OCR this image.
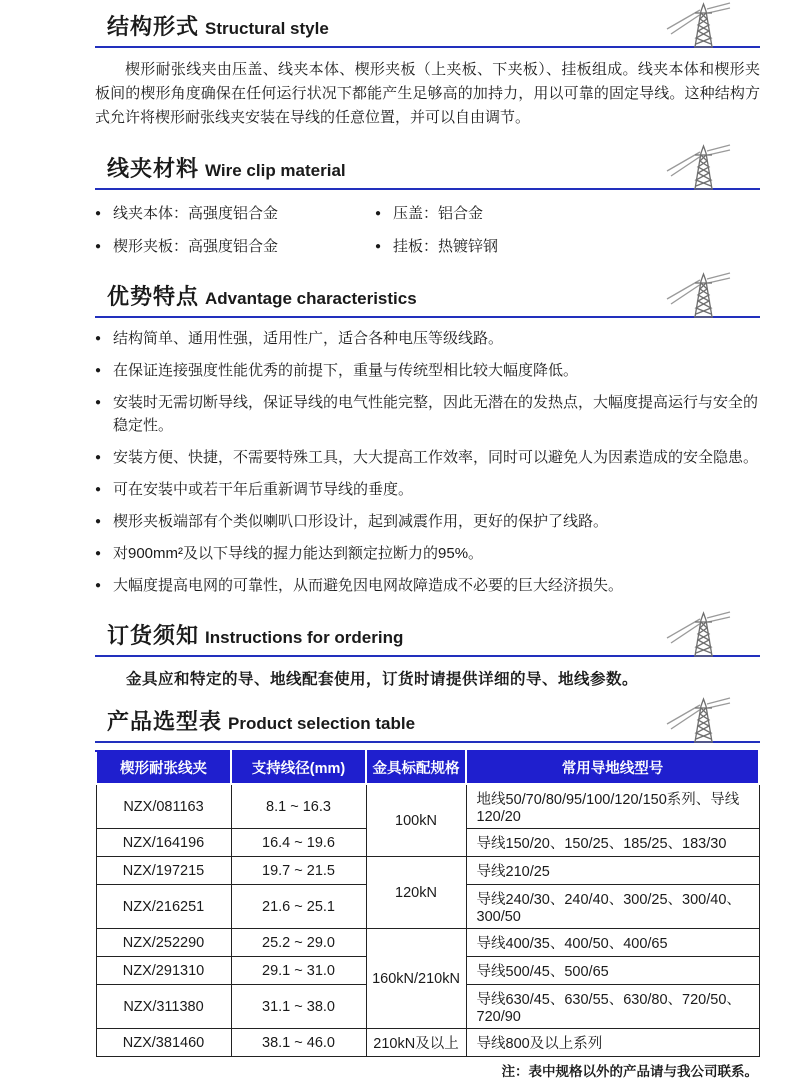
结构形式 Structural style

楔形耐张线夹由压盖、线夹本体、楔形夹板（上夹板、下夹板）、挂板组成。线夹本体和楔形夹板间的楔形角度确保在任何运行状况下都能产生足够高的加持力，用以可靠的固定导线。这种结构方式允许将楔形耐张线夹安装在导线的任意位置，并可以自由调节。

线夹材料 Wire clip material
● 线夹本体：高强度铝合金
● 楔形夹板：高强度铝合金
● 压盖：铝合金
● 挂板：热镀锌钢
优势特点 Advantage characteristics
● 结构简单、通用性强，适用性广，适合各种电压等级线路。
● 在保证连接强度性能优秀的前提下，重量与传统型相比较大幅度降低。
● 安装时无需切断导线，保证导线的电气性能完整，因此无潜在的发热点，大幅度提高运行与安全的稳定性。
● 安装方便、快捷，不需要特殊工具，大大提高工作效率，同时可以避免人为因素造成的安全隐患。
● 可在安装中或若干年后重新调节导线的垂度。
● 楔形夹板端部有个类似喇叭口形设计，起到减震作用，更好的保护了线路。
● 对900mm²及以下导线的握力能达到额定拉断力的95%。
● 大幅度提高电网的可靠性，从而避免因电网故障造成不必要的巨大经济损失。
订货须知 Instructions for ordering

金具应和特定的导、地线配套使用，订货时请提供详细的导、地线参数。

产品选型表 Product selection table
楔形耐张线夹	支持线径(mm)	金具标配规格	常用导地线型号
NZX/081163	8.1 ~ 16.3	100kN	地线50/70/80/95/100/120/150系列、导线120/20
NZX/164196	16.4 ~ 19.6		导线150/20、150/25、185/25、183/30
NZX/197215	19.7 ~ 21.5	120kN	导线210/25
NZX/216251	21.6 ~ 25.1		导线240/30、240/40、300/25、300/40、300/50
NZX/252290	25.2 ~ 29.0	160kN/210kN	导线400/35、400/50、400/65
NZX/291310	29.1 ~ 31.0		导线500/45、500/65
NZX/311380	31.1 ~ 38.0		导线630/45、630/55、630/80、720/50、720/90
NZX/381460	38.1 ~ 46.0	210kN及以上	导线800及以上系列
注：表中规格以外的产品请与我公司联系。
